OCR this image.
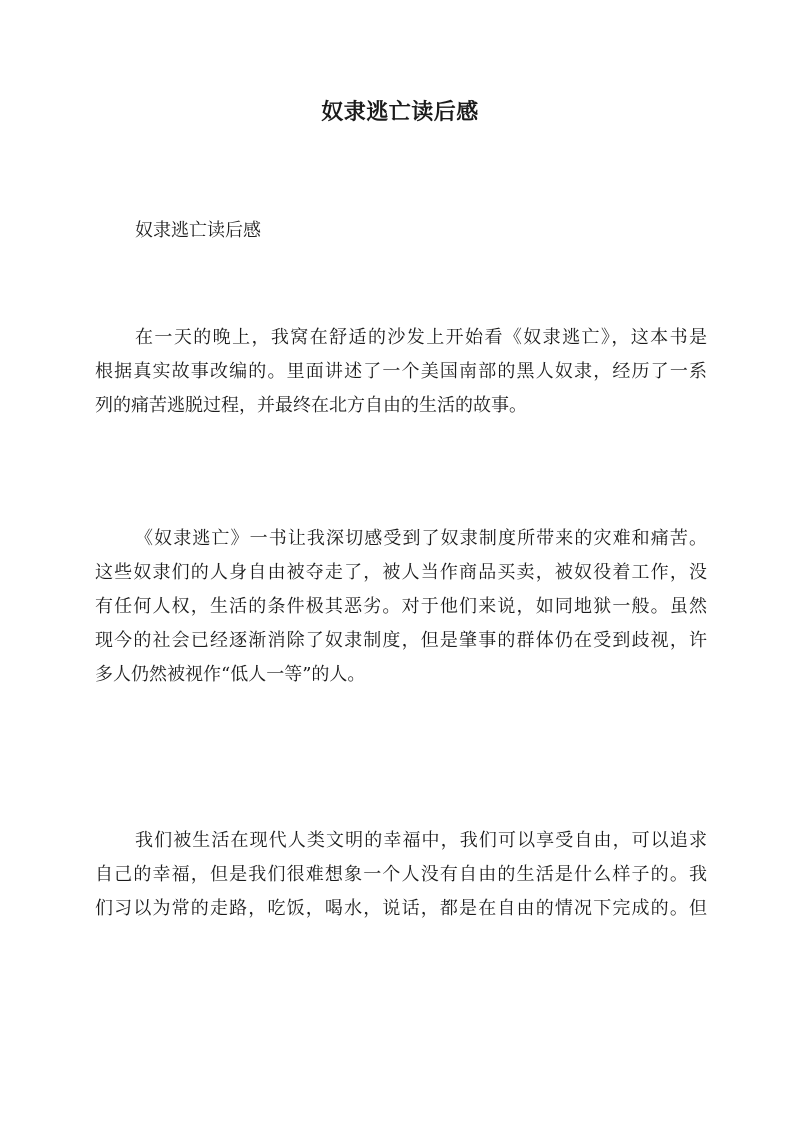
奴隶逃亡读后感

奴隶逃亡读后感

在一天的晚上，我窝在舒适的沙发上开始看《奴隶逃亡》，这本书是
根据真实故事改编的。里面讲述了一个美国南部的黑人奴隶，经历了一系
列的痛苦逃脱过程，并最终在北方自由的生活的故事。
《奴隶逃亡》一书让我深切感受到了奴隶制度所带来的灾难和痛苦。
这些奴隶们的人身自由被夺走了，被人当作商品买卖，被奴役着工作，没
有任何人权，生活的条件极其恶劣。对于他们来说，如同地狱一般。虽然
现今的社会已经逐渐消除了奴隶制度，但是肇事的群体仍在受到歧视，许
多人仍然被视作“低人一等”的人。
我们被生活在现代人类文明的幸福中，我们可以享受自由，可以追求
自己的幸福，但是我们很难想象一个人没有自由的生活是什么样子的。我
们习以为常的走路，吃饭，喝水，说话，都是在自由的情况下完成的。但
